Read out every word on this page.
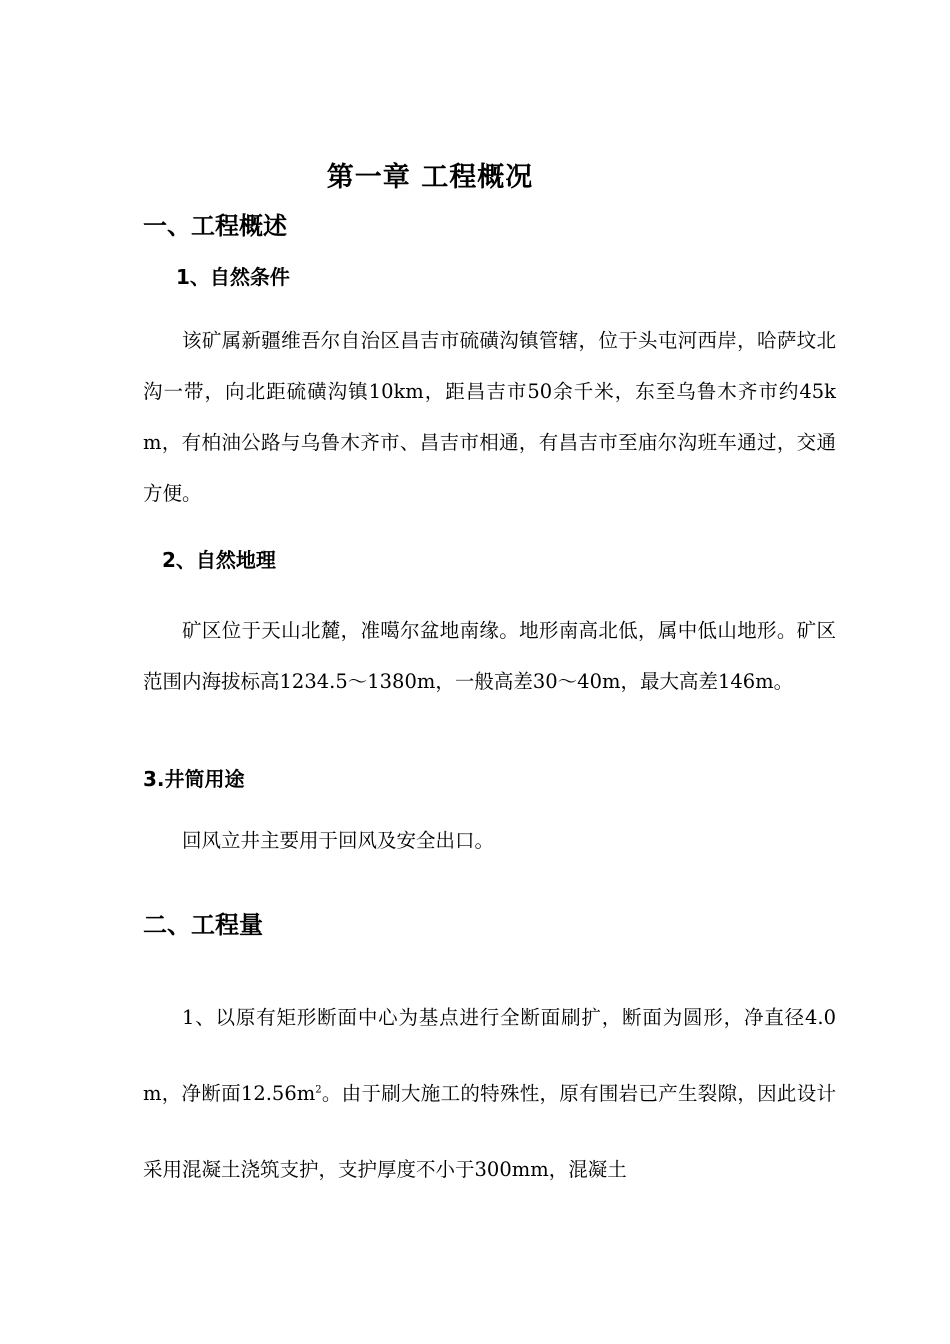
第一章 工程概况
一、工程概述
1、自然条件
该矿属新疆维吾尔自治区昌吉市硫磺沟镇管辖，位于头屯河西岸，哈萨坟北沟一带，向北距硫磺沟镇10km，距昌吉市50余千米，东至乌鲁木齐市约45km，有柏油公路与乌鲁木齐市、昌吉市相通，有昌吉市至庙尔沟班车通过，交通方便。
2、自然地理
矿区位于天山北麓，准噶尔盆地南缘。地形南高北低，属中低山地形。矿区范围内海拔标高1234.5～1380m，一般高差30～40m，最大高差146m。
3.井筒用途
回风立井主要用于回风及安全出口。
二、工程量
1、以原有矩形断面中心为基点进行全断面刷扩，断面为圆形，净直径4.0m，净断面$12.56m^2$。由于刷大施工的特殊性，原有围岩已产生裂隙，因此设计采用混凝土浇筑支护，支护厚度不小于300mm，混凝土
